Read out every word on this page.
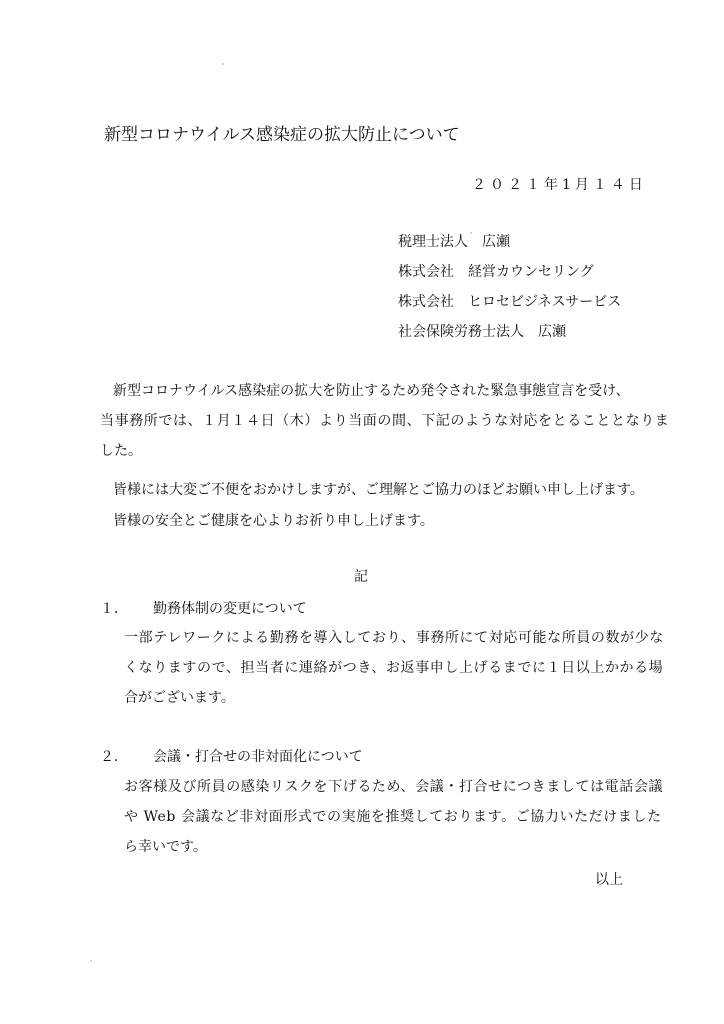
新型コロナウイルス感染症の拡大防止について
２０２１年1月１４日
税理士法人　広瀬
株式会社　経営カウンセリング
株式会社　ヒロセビジネスサービス
社会保険労務士法人　広瀬
新型コロナウイルス感染症の拡大を防止するため発令された緊急事態宣言を受け、
当事務所では、１月１４日（木）より当面の間、下記のような対応をとることとなりま
した。
皆様には大変ご不便をおかけしますが、ご理解とご協力のほどお願い申し上げます。
皆様の安全とご健康を心よりお祈り申し上げます。
記
１． 勤務体制の変更について
一部テレワークによる勤務を導入しており、事務所にて対応可能な所員の数が少な
くなりますので、担当者に連絡がつき、お返事申し上げるまでに１日以上かかる場
合がございます。
２． 会議・打合せの非対面化について
お客様及び所員の感染リスクを下げるため、会議・打合せにつきましては電話会議
や Web 会議など非対面形式での実施を推奨しております。ご協力いただけました
ら幸いです。
以上
